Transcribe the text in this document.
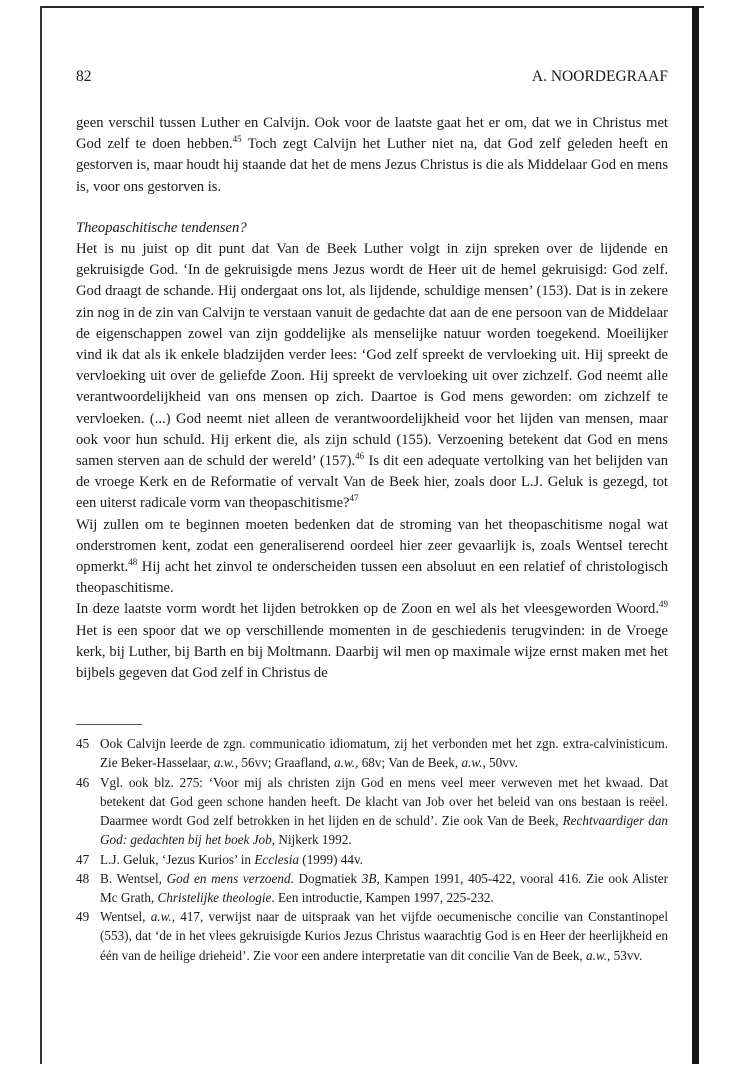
82	A. NOORDEGRAAF

geen verschil tussen Luther en Calvijn. Ook voor de laatste gaat het er om, dat we in Christus met God zelf te doen hebben.$^{45}$ Toch zegt Calvijn het Luther niet na, dat God zelf geleden heeft en gestorven is, maar houdt hij staande dat het de mens Jezus Christus is die als Middelaar God en mens is, voor ons gestorven is.

Theopaschitische tendensen?

Het is nu juist op dit punt dat Van de Beek Luther volgt in zijn spreken over de lijdende en gekruisigde God. ‘In de gekruisigde mens Jezus wordt de Heer uit de hemel gekruisigd: God zelf. God draagt de schande. Hij ondergaat ons lot, als lijdende, schuldige mensen’ (153). Dat is in zekere zin nog in de zin van Calvijn te verstaan vanuit de gedachte dat aan de ene persoon van de Middelaar de eigenschappen zowel van zijn goddelijke als menselijke natuur worden toegekend. Moeilijker vind ik dat als ik enkele bladzijden verder lees: ‘God zelf spreekt de vervloeking uit. Hij spreekt de vervloeking uit over de geliefde Zoon. Hij spreekt de vervloeking uit over zichzelf. God neemt alle verantwoordelijkheid van ons mensen op zich. Daartoe is God mens geworden: om zichzelf te vervloeken. (...) God neemt niet alleen de verantwoordelijkheid voor het lijden van mensen, maar ook voor hun schuld. Hij erkent die, als zijn schuld (155). Verzoening betekent dat God en mens samen sterven aan de schuld der wereld’ (157).$^{46}$ Is dit een adequate vertolking van het belijden van de vroege Kerk en de Reformatie of vervalt Van de Beek hier, zoals door L.J. Geluk is gezegd, tot een uiterst radicale vorm van theopaschitisme?$^{47}$

Wij zullen om te beginnen moeten bedenken dat de stroming van het theopaschitisme nogal wat onderstromen kent, zodat een generaliserend oordeel hier zeer gevaarlijk is, zoals Wentsel terecht opmerkt.$^{48}$ Hij acht het zinvol te onderscheiden tussen een absoluut en een relatief of christologisch theopaschitisme.

In deze laatste vorm wordt het lijden betrokken op de Zoon en wel als het vleesgeworden Woord.$^{49}$ Het is een spoor dat we op verschillende momenten in de geschiedenis terugvinden: in de Vroege kerk, bij Luther, bij Barth en bij Moltmann. Daarbij wil men op maximale wijze ernst maken met het bijbels gegeven dat God zelf in Christus de

45 Ook Calvijn leerde de zgn. communicatio idiomatum, zij het verbonden met het zgn. extra-calvinisticum. Zie Beker-Hasselaar, a.w., 56vv; Graafland, a.w., 68v; Van de Beek, a.w., 50vv.

46 Vgl. ook blz. 275: ‘Voor mij als christen zijn God en mens veel meer verweven met het kwaad. Dat betekent dat God geen schone handen heeft. De klacht van Job over het beleid van ons bestaan is reëel. Daarmee wordt God zelf betrokken in het lijden en de schuld’. Zie ook Van de Beek, Rechtvaardiger dan God: gedachten bij het boek Job, Nijkerk 1992.

47 L.J. Geluk, ‘Jezus Kurios’ in Ecclesia (1999) 44v.

48 B. Wentsel, God en mens verzoend. Dogmatiek 3B, Kampen 1991, 405-422, vooral 416. Zie ook Alister Mc Grath, Christelijke theologie. Een introductie, Kampen 1997, 225-232.

49 Wentsel, a.w., 417, verwijst naar de uitspraak van het vijfde oecumenische concilie van Constantinopel (553), dat ‘de in het vlees gekruisigde Kurios Jezus Christus waarachtig God is en Heer der heerlijkheid en één van de heilige drieheid’. Zie voor een andere interpretatie van dit concilie Van de Beek, a.w., 53vv.
